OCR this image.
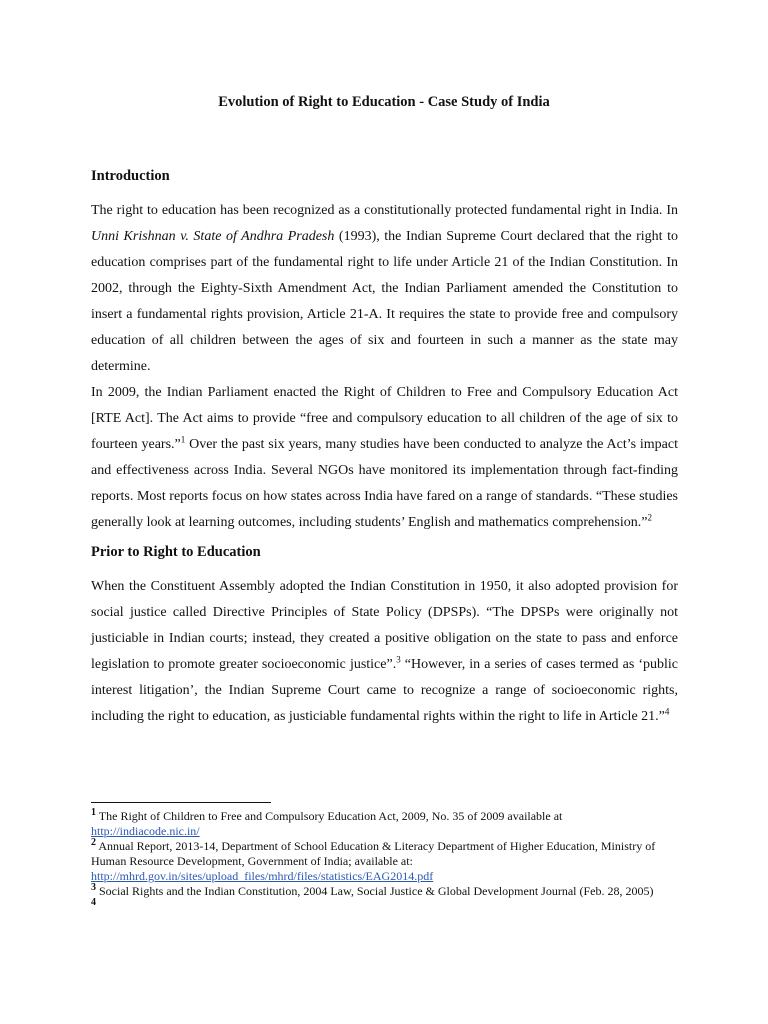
Evolution of Right to Education - Case Study of India
Introduction

The right to education has been recognized as a constitutionally protected fundamental right in India. In Unni Krishnan v. State of Andhra Pradesh (1993), the Indian Supreme Court declared that the right to education comprises part of the fundamental right to life under Article 21 of the Indian Constitution. In 2002, through the Eighty-Sixth Amendment Act, the Indian Parliament amended the Constitution to insert a fundamental rights provision, Article 21-A. It requires the state to provide free and compulsory education of all children between the ages of six and fourteen in such a manner as the state may determine.

In 2009, the Indian Parliament enacted the Right of Children to Free and Compulsory Education Act [RTE Act]. The Act aims to provide “free and compulsory education to all children of the age of six to fourteen years.”$^1$ Over the past six years, many studies have been conducted to analyze the Act’s impact and effectiveness across India. Several NGOs have monitored its implementation through fact-finding reports. Most reports focus on how states across India have fared on a range of standards. “These studies generally look at learning outcomes, including students’ English and mathematics comprehension.”$^2$

Prior to Right to Education

When the Constituent Assembly adopted the Indian Constitution in 1950, it also adopted provision for social justice called Directive Principles of State Policy (DPSPs). “The DPSPs were originally not justiciable in Indian courts; instead, they created a positive obligation on the state to pass and enforce legislation to promote greater socioeconomic justice”.$^3$ “However, in a series of cases termed as ‘public interest litigation’, the Indian Supreme Court came to recognize a range of socioeconomic rights, including the right to education, as justiciable fundamental rights within the right to life in Article 21.”$^4$

$^1$ The Right of Children to Free and Compulsory Education Act, 2009, No. 35 of 2009 available at
http://indiacode.nic.in/

$^2$ Annual Report, 2013-14, Department of School Education & Literacy Department of Higher Education, Ministry of Human Resource Development, Government of India; available at:
http://mhrd.gov.in/sites/upload_files/mhrd/files/statistics/EAG2014.pdf

$^3$ Social Rights and the Indian Constitution, 2004 Law, Social Justice & Global Development Journal (Feb. 28, 2005)

$^4$
